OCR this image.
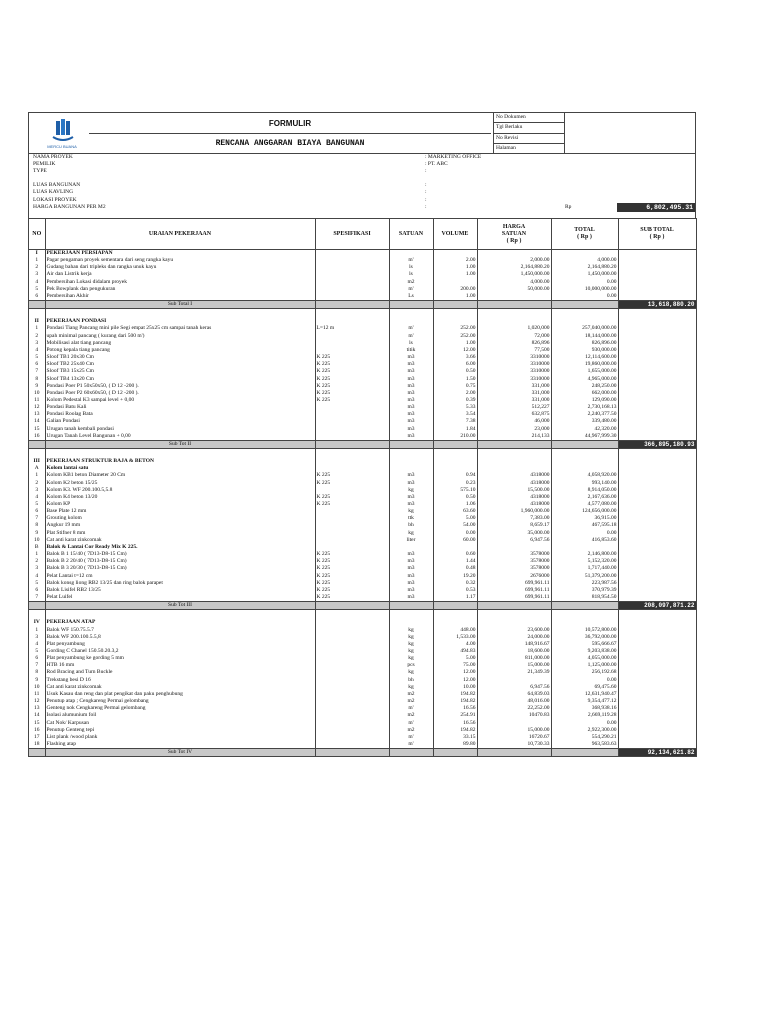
MERCU BUANA
FORMULIR
RENCANA ANGGARAN BIAYA BANGUNAN
No Dokumen
Tgl Berlaku
No Revisi
Halaman
NAMA PROYEK	: MARKETING OFFICE
PEMILIK	: PT. ABC
TYPE	:
LUAS BANGUNAN	:
LUAS KAVLING	:
LOKASI PROYEK	:
HARGA BANGUNAN PER M2	:	Rp	6,802,495.31
NO	URAIAN PEKERJAAN	SPESIFIKASI	SATUAN	VOLUME	HARGA
SATUAN
( Rp )	TOTAL
( Rp )	SUB TOTAL
( Rp )
I	PEKERJAAN PERSIAPAN						
1	Pagar pengaman proyek sementara dari seng rangka kayu		m'	2.00	2,000.00	4,000.00	
2	Gudang bahan dari tripleks dan rangka unuk kayu		ls	1.00	2,164,880.20	2,164,880.20	
3	Air dan Listrik kerja		ls	1.00	1,450,000.00	1,450,000.00	
4	Pembersihan Lokasi didalam proyek		m2		4,000.00	0.00	
5	Pek Bowplank dan pengukuran		m'	200.00	50,000.00	10,000,000.00	
6	Pembersihan Akhir		Ls	1.00		0.00	
	Sub Total I						13,618,880.20

II	PEKERJAAN PONDASI						
1	Pondasi Tiang Pancang mini pile Segi empat 25x25 cm sampai tanah keras	L=12 m	m'	252.00	1,020,000	257,040,000.00	
2	upah minimal pancang ( kurang dari 500 m')		m'	252.00	72,000	18,144,000.00	
3	Mobilisasi alat tiang pancang		ls	1.00	826,896	826,896.00	
4	Potong kepala tiang pancang		titik	12.00	77,500	930,000.00	
5	Sloof TB1 20x30 Cm	K 225	m3	3.66	3310000	12,114,600.00	
6	Sloof TB2 25x40 Cm	K 225	m3	6.00	3310000	19,860,000.00	
7	Sloof TB3 15x25 Cm	K 225	m3	0.50	3310000	1,655,000.00	
8	Sloof TB4 13x20 Cm	K 225	m3	1.50	3310000	4,965,000.00	
9	Pondasi Poer P1 50x50x50, ( D 12 -200 ).	K 225	m3	0.75	331,000	248,250.00	
10	Pondasi Poer P2 60x60x50, ( D 12 -200 ).	K 225	m3	2.00	331,000	662,000.00	
11	Kolom Pedestal K3 sampai level + 0,00	K 225	m3	0.39	331,000	129,090.00	
12	Pondasi Batu Kali		m3	5.33	512,227	2,730,168.13	
13	Pondasi Roolag Bata		m3	3.54	632,875	2,240,377.50	
14	Galian Pondasi		m3	7.38	46,000	339,480.00	
15	Urugan tanah kembali pondasi		m3	1.84	23,000	42,320.00	
16	Urugan Tanah Level Bangunan + 0,00		m3	210.00	214,133	44,967,999.30	
	Sub Tot II						366,895,180.93

III	PEKERJAAN STRUKTUR BAJA & BETON						
A	Kolom lantai satu						
1	Kolom KB1 beton Diameter 20 Cm	K 225	m3	0.94	4318000	4,058,920.00	
2	Kolom K2 beton 15/25	K 225	m3	0.23	4318000	993,140.00	
3	Kolom K3. WF 200.100.5,5.8		kg	575.10	15,500.00	8,914,050.00	
4	Kolom K4 beton 13/20	K 225	m3	0.50	4318000	2,167,636.00	
5	Kolom KP	K 225	m3	1.06	4318000	4,577,080.00	
6	Base Plate 12 mm		kg	63.60	1,960,000.00	124,656,000.00	
7	Grouting kolom		ttk	5.00	7,383.00	36,915.00	
8	Angkur 19 mm		bh	54.00	8,659.17	467,595.18	
9	Plat Stifner 8 mm		kg	0.00	35,000.00	0.00	
10	Cat anti karat zinkcomak		liter	60.00	6,947.56	416,853.60	
B	Balok & Lantai Cor Ready Mix K 225.						
1	Balok B 1 15/40 ( 7D13-D8-15 Cm)	K 225	m3	0.60	3578000	2,146,800.00	
2	Balok B 2 20/40 ( 7D13-D8-15 Cm)	K 225	m3	1.44	3578000	5,152,320.00	
3	Balok B 3 20/30 ( 7D13-D8-15 Cm)	K 225	m3	0.48	3578000	1,717,440.00	
4	Pelat Lantai t=12 cm	K 225	m3	19.20	2676000	51,379,200.00	
5	Balok konsg liong RB2 13/25 dan ring balok parapet	K 225	m3	0.32	699,961.11	223,987.56	
6	Balok Lisifel RB2 13/25	K 225	m3	0.53	699,961.11	370,979.39	
7	Pelat Luifel	K 225	m3	1.17	699,961.11	818,954.50	
	Sub Tot III						208,097,871.22

IV	PEKERJAAN ATAP						
1	Balok WF 150.75.5.7		kg	448.00	23,600.00	10,572,800.00	
3	Balok WF 200.100.5.5,8		kg	1,533.00	24,000.00	36,792,000.00	
4	Plat penyambung		kg	4.00	148,916.67	595,666.67	
5	Gording C Chanel 150.50.20.3,2		kg	494.83	18,600.00	9,203,838.00	
6	Plat penyambung ke gording 5 mm		kg	5.00	811,000.00	4,055,000.00	
7	HTB 16 mm		pcs	75.00	15,000.00	1,125,000.00	
8	Rod Bracing and Turn Buckle		kg	12.00	21,349.39	256,192.68	
9	Trekstang besi D 16		bh	12.00		0.00	
10	Cat anti karat zinkcomak		kg	10.00	6,947.56	69,475.60	
11	Usuk Kasau dan reng dan plat pengikat dan paku penghubung		m2	194.82	64,839.03	12,631,940.47	
12	Penutup atap ; Cengkareng Permai gelombang		m2	194.82	48,016.00	9,354,477.12	
13	Genteng nok Cengkareng Permai gelombang		m'	16.56	22,252.00	368,938.16	
14	Isolasi alumunium foil		m2	254.91	10470.83	2,669,119.28	
15	Cat Nok/ Karpusan		m'	16.56		0.00	
16	Penutup Genteng tepi		m2	194.82	15,000.00	2,922,300.00	
17	List plank /wood plank		m'	33.15	16720.67	554,290.21	
18	Flashing atap		m'	89.80	10,730.33	963,583.63	
	Sub Tot IV						92,134,621.82
